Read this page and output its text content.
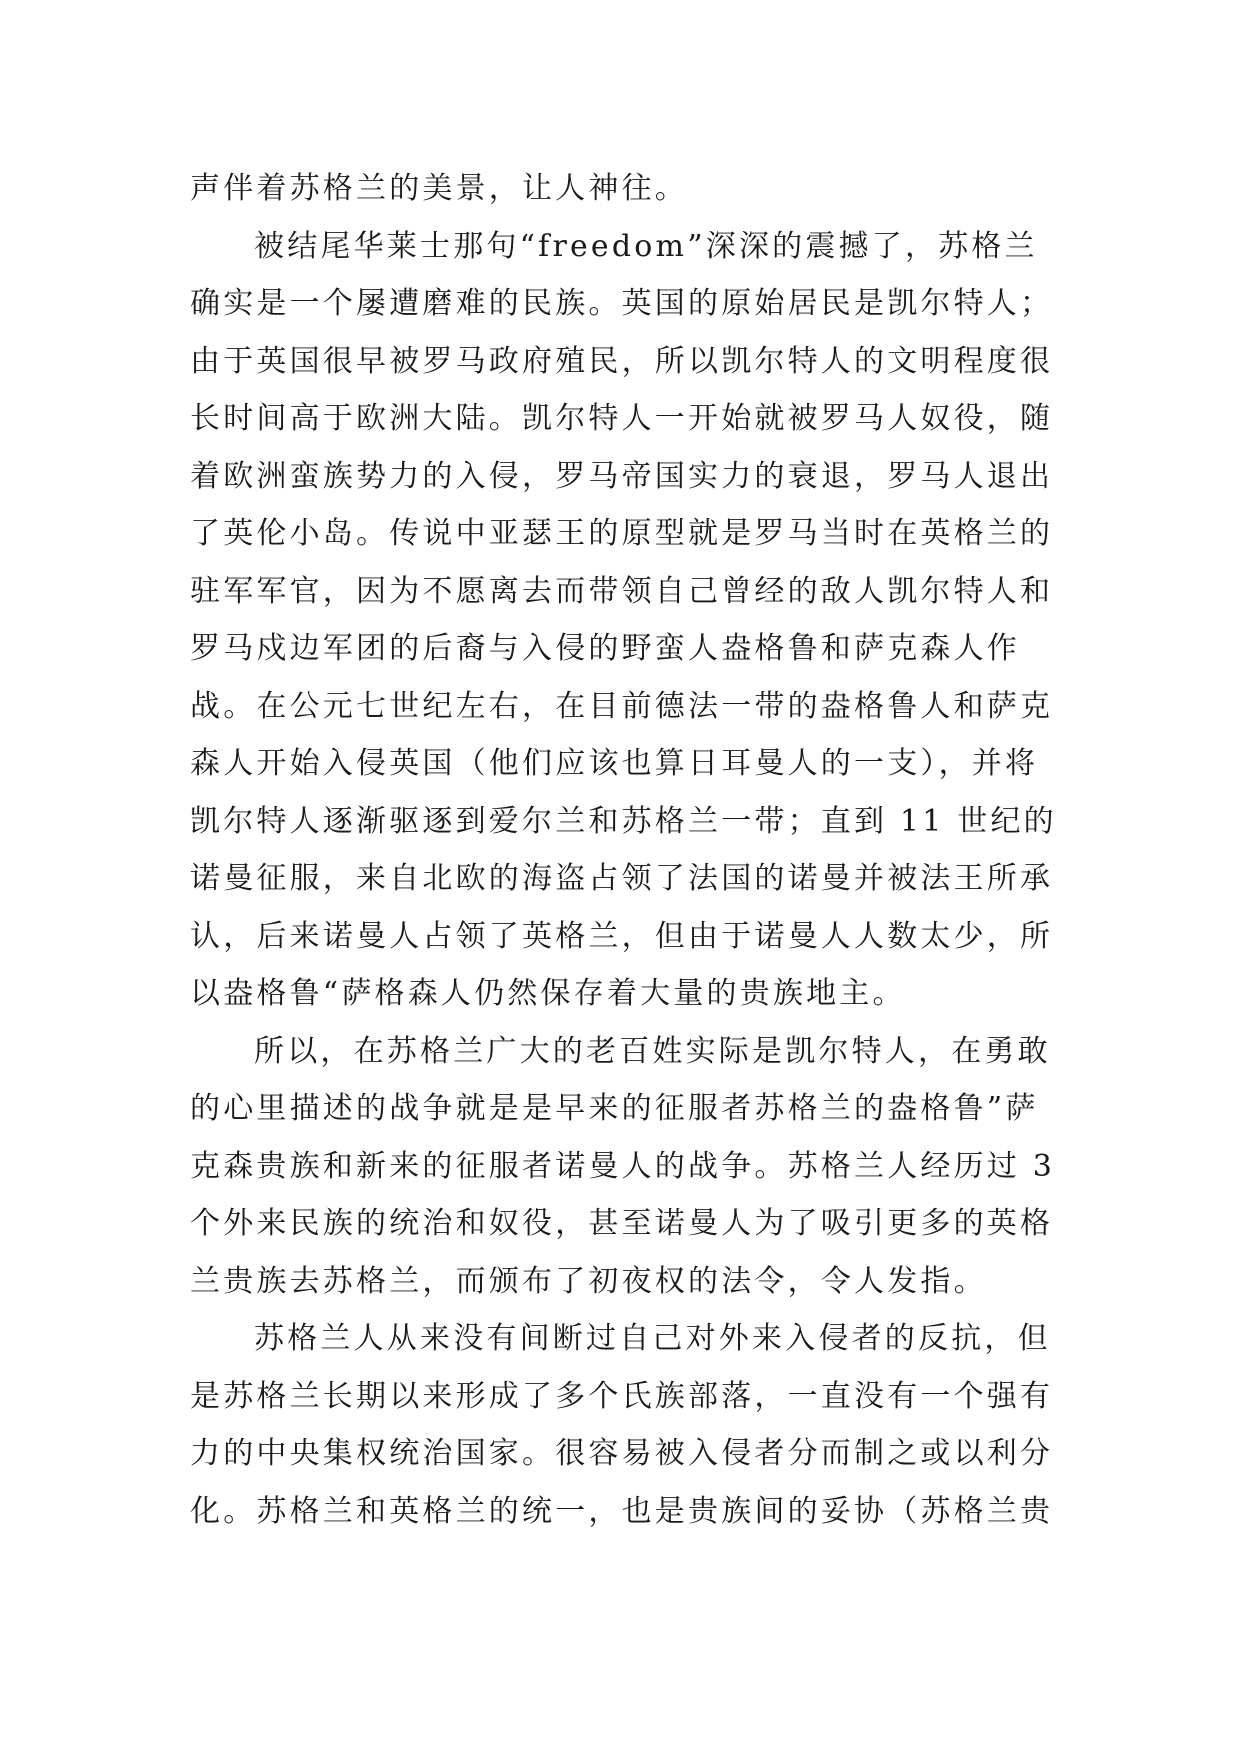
声伴着苏格兰的美景，让人神往。
被结尾华莱士那句“freedom”深深的震撼了，苏格兰
确实是一个屡遭磨难的民族。英国的原始居民是凯尔特人；
由于英国很早被罗马政府殖民，所以凯尔特人的文明程度很
长时间高于欧洲大陆。凯尔特人一开始就被罗马人奴役，随
着欧洲蛮族势力的入侵，罗马帝国实力的衰退，罗马人退出
了英伦小岛。传说中亚瑟王的原型就是罗马当时在英格兰的
驻军军官，因为不愿离去而带领自己曾经的敌人凯尔特人和
罗马戍边军团的后裔与入侵的野蛮人盎格鲁和萨克森人作
战。在公元七世纪左右，在目前德法一带的盎格鲁人和萨克
森人开始入侵英国（他们应该也算日耳曼人的一支），并将
凯尔特人逐渐驱逐到爱尔兰和苏格兰一带；直到 11 世纪的
诺曼征服，来自北欧的海盗占领了法国的诺曼并被法王所承
认，后来诺曼人占领了英格兰，但由于诺曼人人数太少，所
以盎格鲁“萨格森人仍然保存着大量的贵族地主。
所以，在苏格兰广大的老百姓实际是凯尔特人，在勇敢
的心里描述的战争就是是早来的征服者苏格兰的盎格鲁”萨
克森贵族和新来的征服者诺曼人的战争。苏格兰人经历过 3
个外来民族的统治和奴役，甚至诺曼人为了吸引更多的英格
兰贵族去苏格兰，而颁布了初夜权的法令，令人发指。
苏格兰人从来没有间断过自己对外来入侵者的反抗，但
是苏格兰长期以来形成了多个氏族部落，一直没有一个强有
力的中央集权统治国家。很容易被入侵者分而制之或以利分
化。苏格兰和英格兰的统一，也是贵族间的妥协（苏格兰贵
